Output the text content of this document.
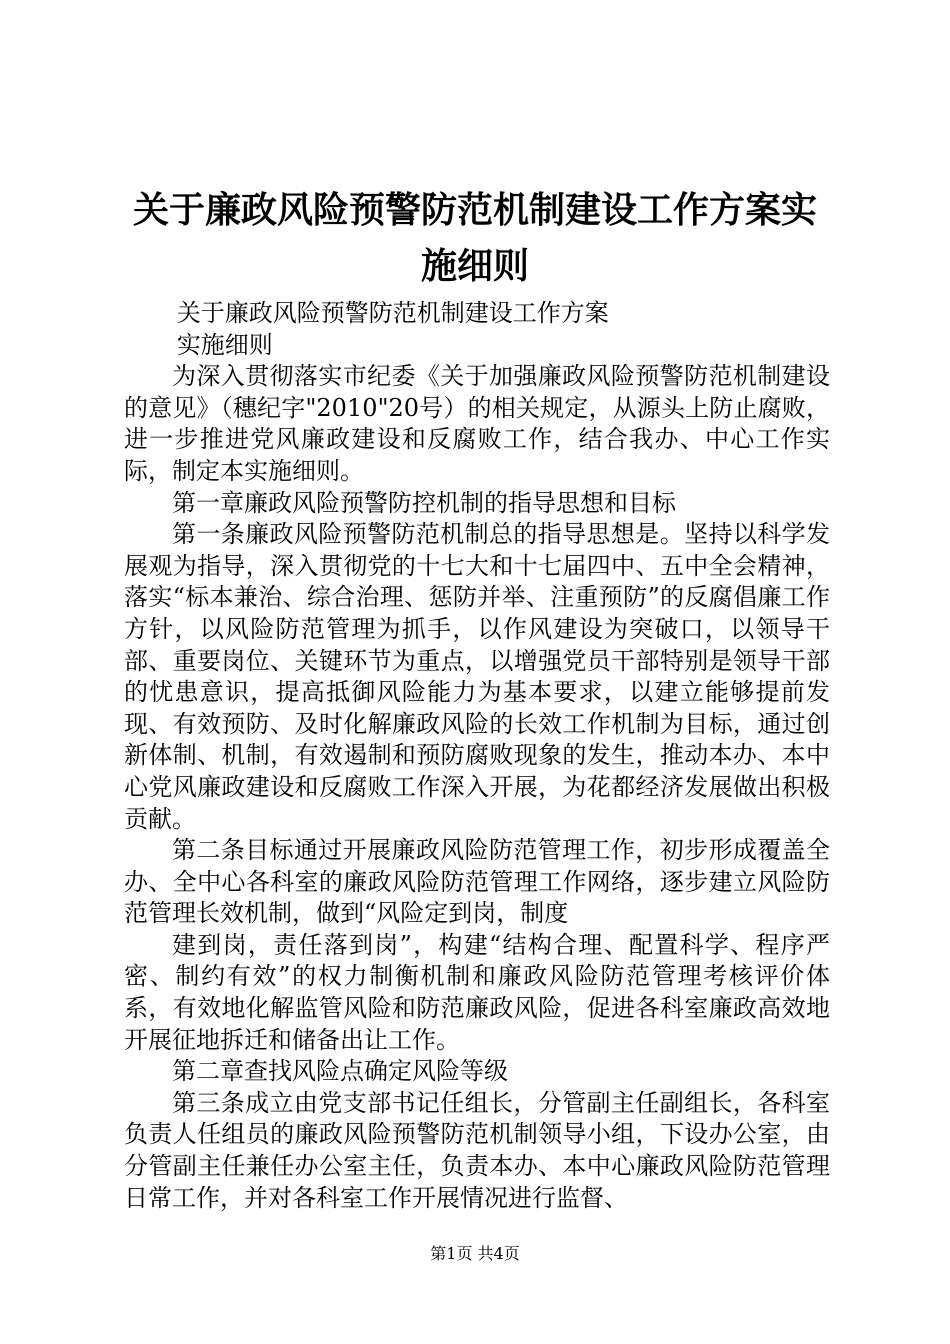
关于廉政风险预警防范机制建设工作方案实施细则

关于廉政风险预警防范机制建设工作方案

实施细则

为深入贯彻落实市纪委《关于加强廉政风险预警防范机制建设的意见》（穗纪字"2010"20号）的相关规定，从源头上防止腐败，进一步推进党风廉政建设和反腐败工作，结合我办、中心工作实际，制定本实施细则。

第一章廉政风险预警防控机制的指导思想和目标

第一条廉政风险预警防范机制总的指导思想是。坚持以科学发展观为指导，深入贯彻党的十七大和十七届四中、五中全会精神，落实“标本兼治、综合治理、惩防并举、注重预防”的反腐倡廉工作方针，以风险防范管理为抓手，以作风建设为突破口，以领导干部、重要岗位、关键环节为重点，以增强党员干部特别是领导干部的忧患意识，提高抵御风险能力为基本要求，以建立能够提前发现、有效预防、及时化解廉政风险的长效工作机制为目标，通过创新体制、机制，有效遏制和预防腐败现象的发生，推动本办、本中心党风廉政建设和反腐败工作深入开展，为花都经济发展做出积极贡献。

第二条目标通过开展廉政风险防范管理工作，初步形成覆盖全办、全中心各科室的廉政风险防范管理工作网络，逐步建立风险防范管理长效机制，做到“风险定到岗，制度

建到岗，责任落到岗”，构建“结构合理、配置科学、程序严密、制约有效”的权力制衡机制和廉政风险防范管理考核评价体系，有效地化解监管风险和防范廉政风险，促进各科室廉政高效地开展征地拆迁和储备出让工作。

第二章查找风险点确定风险等级

第三条成立由党支部书记任组长，分管副主任副组长，各科室负责人任组员的廉政风险预警防范机制领导小组，下设办公室，由分管副主任兼任办公室主任，负责本办、本中心廉政风险防范管理日常工作，并对各科室工作开展情况进行监督、

第1页 共4页
